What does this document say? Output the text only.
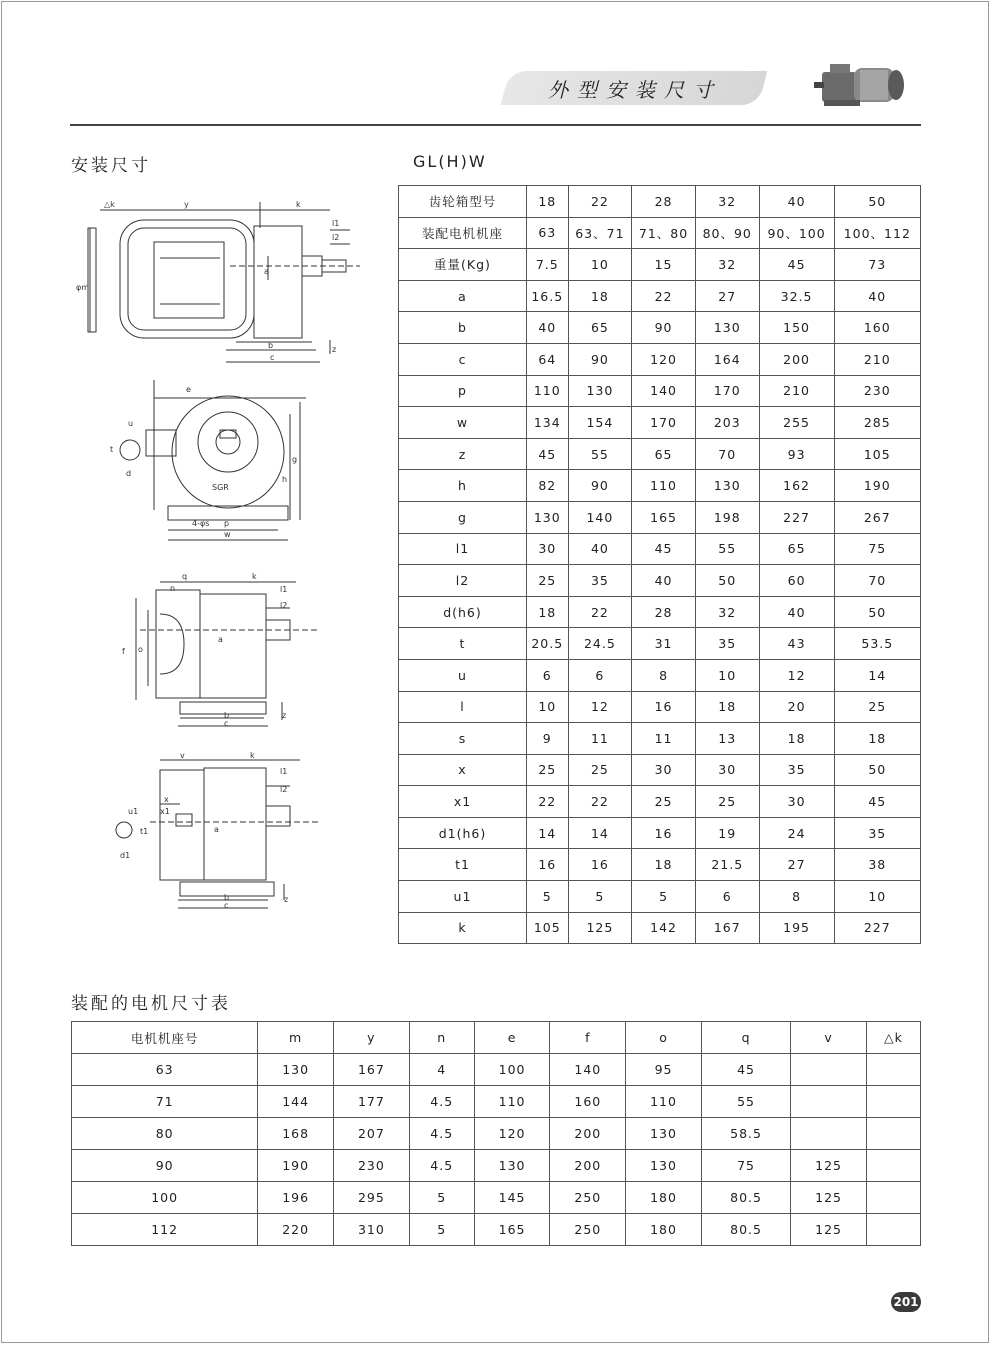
外型安装尺寸
安装尺寸	GL(H)W
△k	y	k
l1
l2
φm
a
b
c
z
e
u
t
d
g
h
SGR
4-φs p
w
q	k
n	l1
l2
f o
a
b
c
z
v	k
l1
l2
x
x1
u1
t1
d1
a
b
c
z
齿轮箱型号	18	22	28	32	40	50
装配电机机座	63	63、71	71、80	80、90	90、100	100、112
重量(Kg)	7.5	10	15	32	45	73
a	16.5	18	22	27	32.5	40
b	40	65	90	130	150	160
c	64	90	120	164	200	210
p	110	130	140	170	210	230
w	134	154	170	203	255	285
z	45	55	65	70	93	105
h	82	90	110	130	162	190
g	130	140	165	198	227	267
l1	30	40	45	55	65	75
l2	25	35	40	50	60	70
d(h6)	18	22	28	32	40	50
t	20.5	24.5	31	35	43	53.5
u	6	6	8	10	12	14
l	10	12	16	18	20	25
s	9	11	11	13	18	18
x	25	25	30	30	35	50
x1	22	22	25	25	30	45
d1(h6)	14	14	16	19	24	35
t1	16	16	18	21.5	27	38
u1	5	5	5	6	8	10
k	105	125	142	167	195	227
装配的电机尺寸表
电机机座号	m	y	n	e	f	o	q	v	△k
63	130	167	4	100	140	95	45		
71	144	177	4.5	110	160	110	55		
80	168	207	4.5	120	200	130	58.5		
90	190	230	4.5	130	200	130	75	125	
100	196	295	5	145	250	180	80.5	125	
112	220	310	5	165	250	180	80.5	125	
201
